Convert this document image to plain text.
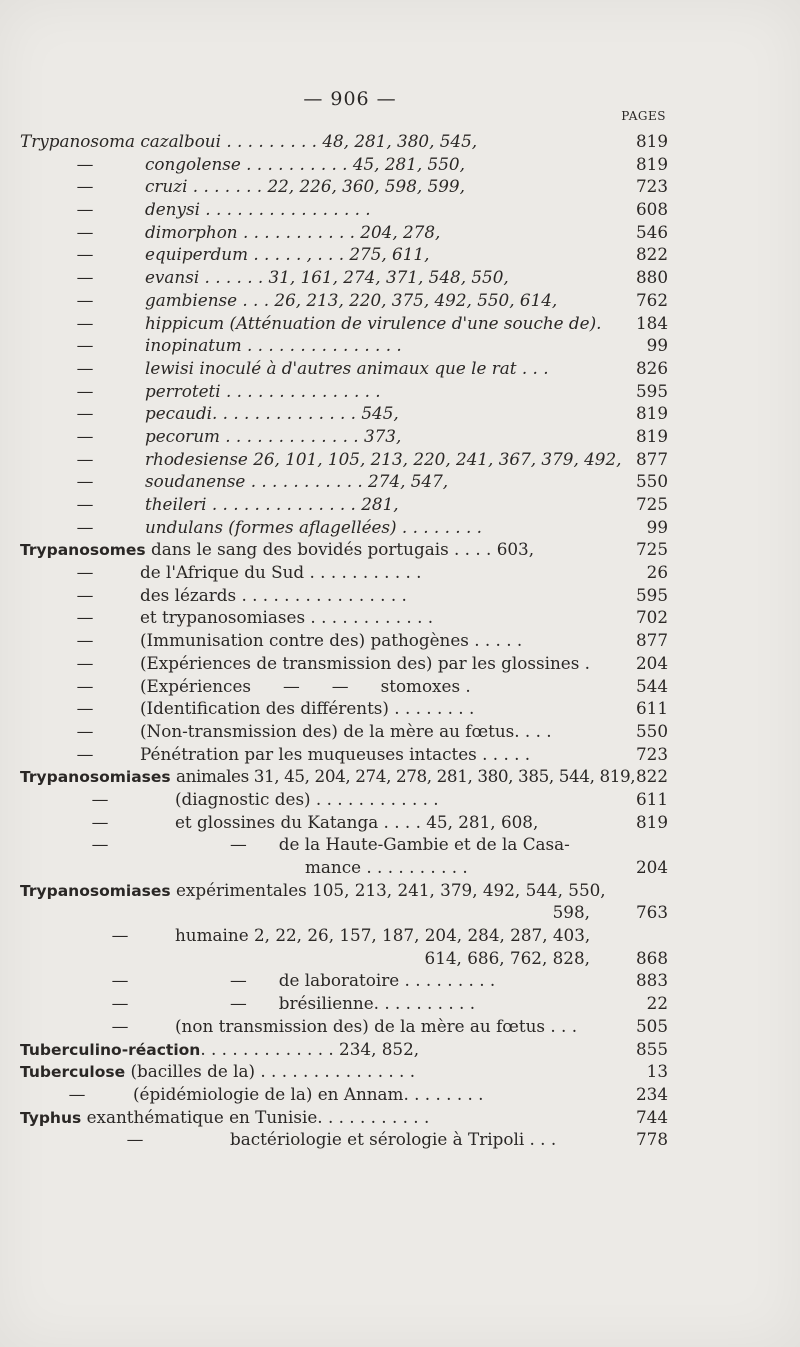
— 906 —
PAGES
Trypanosoma cazalboui . . . . . . . . . 48, 281, 380, 545,	819
—	congolense . . . . . . . . . . 45, 281, 550,	819
—	cruzi . . . . . . . 22, 226, 360, 598, 599,	723
—	denysi . . . . . . . . . . . . . . . .	608
—	dimorphon . . . . . . . . . . . 204, 278,	546
—	equiperdum . . . . . , . . . 275, 611,	822
—	evansi . . . . . . 31, 161, 274, 371, 548, 550,	880
—	gambiense . . . 26, 213, 220, 375, 492, 550, 614,	762
—	hippicum (Atténuation de virulence d'une souche de).	184
—	inopinatum . . . . . . . . . . . . . . .	99
—	lewisi inoculé à d'autres animaux que le rat . . .	826
—	perroteti . . . . . . . . . . . . . . .	595
—	pecaudi. . . . . . . . . . . . . . 545,	819
—	pecorum . . . . . . . . . . . . . 373,	819
—	rhodesiense 26, 101, 105, 213, 220, 241, 367, 379, 492, 877
—	soudanense . . . . . . . . . . . 274, 547,	550
—	theileri . . . . . . . . . . . . . . 281,	725
—	undulans (formes aflagellées) . . . . . . . .	99
Trypanosomes dans le sang des bovidés portugais . . . . 603,	725
—	de l'Afrique du Sud . . . . . . . . . . .	26
—	des lézards . . . . . . . . . . . . . . . .	595
—	et trypanosomiases . . . . . . . . . . . .	702
—	(Immunisation contre des) pathogènes . . . . .	877
—	(Expériences de transmission des) par les glossines .	204
—	(Expériences      —      —      stomoxes .	544
—	(Identification des différents) . . . . . . . .	611
—	(Non-transmission des) de la mère au fœtus. . . .	550
—	Pénétration par les muqueuses intactes . . . . .	723
Trypanosomiases animales 31, 45, 204, 274, 278, 281, 380, 385, 544, 819, 822
—	(diagnostic des) . . . . . . . . . . . .	611
—	et glossines du Katanga . . . . 45, 281, 608,	819
—	—      de la Haute-Gambie et de la Casa-
mance . . . . . . . . . .	204
Trypanosomiases expérimentales 105, 213, 241, 379, 492, 544, 550,
598,	763
—	humaine 2, 22, 26, 157, 187, 204, 284, 287, 403,
614, 686, 762, 828,	868
—	—      de laboratoire . . . . . . . . .	883
—	—      brésilienne. . . . . . . . . .	22
—	(non transmission des) de la mère au fœtus . . .	505
Tuberculino-réaction. . . . . . . . . . . . . 234, 852,	855
Tuberculose (bacilles de la) . . . . . . . . . . . . . . .	13
—	(épidémiologie de la) en Annam. . . . . . . .	234
Typhus exanthématique en Tunisie. . . . . . . . . . .	744
—	bactériologie et sérologie à Tripoli . . .	778
